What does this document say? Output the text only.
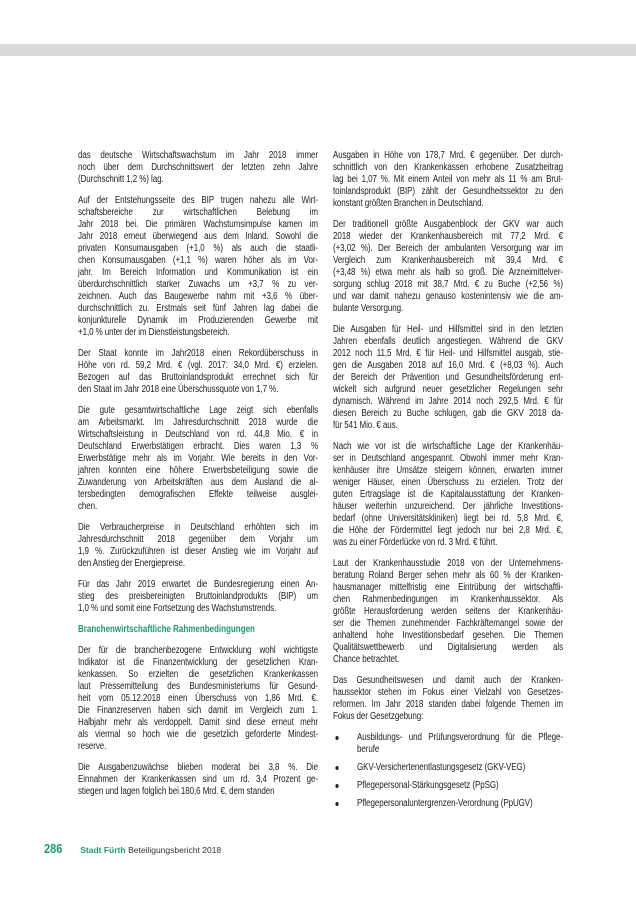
das deutsche Wirtschaftswachstum im Jahr 2018 immer
noch über dem Durchschnittswert der letzten zehn Jahre
(Durchschnitt 1,2 %) lag.
Auf der Entstehungsseite des BIP trugen nahezu alle Wirt-
schaftsbereiche zur wirtschaftlichen Belebung im
Jahr 2018 bei. Die primären Wachstumsimpulse kamen im
Jahr 2018 erneut überwiegend aus dem Inland. Sowohl die
privaten Konsumausgaben (+1,0 %) als auch die staatli-
chen Konsumausgaben (+1,1 %) waren höher als im Vor-
jahr. Im Bereich Information und Kommunikation ist ein
überdurchschnittlich starker Zuwachs um +3,7 % zu ver-
zeichnen. Auch das Baugewerbe nahm mit +3,6 % über-
durchschnittlich zu. Erstmals seit fünf Jahren lag dabei die
konjunkturelle Dynamik im Produzierenden Gewerbe mit
+1,0 % unter der im Dienstleistungsbereich.
Der Staat konnte im Jahr2018 einen Rekordüberschuss in
Höhe von rd. 59,2 Mrd. € (vgl. 2017: 34,0 Mrd. €) erzielen.
Bezogen auf das Bruttoinlandsprodukt errechnet sich für
den Staat im Jahr 2018 eine Überschussquote von 1,7 %.
Die gute gesamtwirtschaftliche Lage zeigt sich ebenfalls
am Arbeitsmarkt. Im Jahresdurchschnitt 2018 wurde die
Wirtschaftsleistung in Deutschland von rd. 44,8 Mio. € in
Deutschland Erwerbstätigen erbracht. Dies waren 1,3 %
Erwerbstätige mehr als im Vorjahr. Wie bereits in den Vor-
jahren konnten eine höhere Erwerbsbeteiligung sowie die
Zuwanderung von Arbeitskräften aus dem Ausland die al-
tersbedingten demografischen Effekte teilweise ausglei-
chen.
Die Verbraucherpreise in Deutschland erhöhten sich im
Jahresdurchschnitt 2018 gegenüber dem Vorjahr um
1,9 %. Zurückzuführen ist dieser Anstieg wie im Vorjahr auf
den Anstieg der Energiepreise.
Für das Jahr 2019 erwartet die Bundesregierung einen An-
stieg des preisbereinigten Bruttoinlandprodukts (BIP) um
1,0 % und somit eine Fortsetzung des Wachstumstrends.
Branchenwirtschaftliche Rahmenbedingungen
Der für die branchenbezogene Entwicklung wohl wichtigste
Indikator ist die Finanzentwicklung der gesetzlichen Kran-
kenkassen. So erzielten die gesetzlichen Krankenkassen
laut Pressemitteilung des Bundesministeriums für Gesund-
heit vom 05.12.2018 einen Überschuss von 1,86 Mrd. €.
Die Finanzreserven haben sich damit im Vergleich zum 1.
Halbjahr mehr als verdoppelt. Damit sind diese erneut mehr
als viermal so hoch wie die gesetzlich geforderte Mindest-
reserve.
Die Ausgabenzuwächse blieben moderat bei 3,8 %. Die
Einnahmen der Krankenkassen sind um rd. 3,4 Prozent ge-
stiegen und lagen folglich bei 180,6 Mrd. €, dem standen
Ausgaben in Höhe von 178,7 Mrd. € gegenüber. Der durch-
schnittlich von den Krankenkassen erhobene Zusatzbeitrag
lag bei 1,07 %. Mit einem Anteil von mehr als 11 % am Brut-
toinlandsprodukt (BIP) zählt der Gesundheitssektor zu den
konstant größten Branchen in Deutschland.
Der traditionell größte Ausgabenblock der GKV war auch
2018 wieder der Krankenhausbereich mit 77,2 Mrd. €
(+3,02 %). Der Bereich der ambulanten Versorgung war im
Vergleich zum Krankenhausbereich mit 39,4 Mrd. €
(+3,48 %) etwa mehr als halb so groß. Die Arzneimittelver-
sorgung schlug 2018 mit 38,7 Mrd. € zu Buche (+2,56 %)
und war damit nahezu genauso kostenintensiv wie die am-
bulante Versorgung.
Die Ausgaben für Heil- und Hilfsmittel sind in den letzten
Jahren ebenfalls deutlich angestiegen. Während die GKV
2012 noch 11,5 Mrd. € für Heil- und Hilfsmittel ausgab, stie-
gen die Ausgaben 2018 auf 16,0 Mrd. € (+8,03 %). Auch
der Bereich der Prävention und Gesundheitsförderung ent-
wickelt sich aufgrund neuer gesetzlicher Regelungen sehr
dynamisch. Während im Jahre 2014 noch 292,5 Mrd. € für
diesen Bereich zu Buche schlugen, gab die GKV 2018 da-
für 541 Mio. € aus.
Nach wie vor ist die wirtschaftliche Lage der Krankenhäu-
ser in Deutschland angespannt. Obwohl immer mehr Kran-
kenhäuser ihre Umsätze steigern können, erwarten immer
weniger Häuser, einen Überschuss zu erzielen. Trotz der
guten Ertragslage ist die Kapitalausstattung der Kranken-
häuser weiterhin unzureichend. Der jährliche Investitions-
bedarf (ohne Universitätskliniken) liegt bei rd. 5,8 Mrd. €,
die Höhe der Fördermittel liegt jedoch nur bei 2,8 Mrd. €,
was zu einer Förderlücke von rd. 3 Mrd. € führt.
Laut der Krankenhausstudie 2018 von der Unternehmens-
beratung Roland Berger sehen mehr als 60 % der Kranken-
hausmanager mittelfristig eine Eintrübung der wirtschaftli-
chen Rahmenbedingungen im Krankenhaussektor. Als
größte Herausforderung werden seitens der Krankenhäu-
ser die Themen zunehmender Fachkräftemangel sowie der
anhaltend hohe Investitionsbedarf gesehen. Die Themen
Qualitätswettbewerb und Digitalisierung werden als
Chance betrachtet.
Das Gesundheitswesen und damit auch der Kranken-
haussektor stehen im Fokus einer Vielzahl von Gesetzes-
reformen. Im Jahr 2018 standen dabei folgende Themen im
Fokus der Gesetzgebung:
Ausbildungs- und Prüfungsverordnung für die Pflege-
berufe
GKV-Versichertenentlastungsgesetz (GKV-VEG)
Pflegepersonal-Stärkungsgesetz (PpSG)
Pflegepersonaluntergrenzen-Verordnung (PpUGV)
286 Stadt Fürth Beteiligungsbericht 2018
